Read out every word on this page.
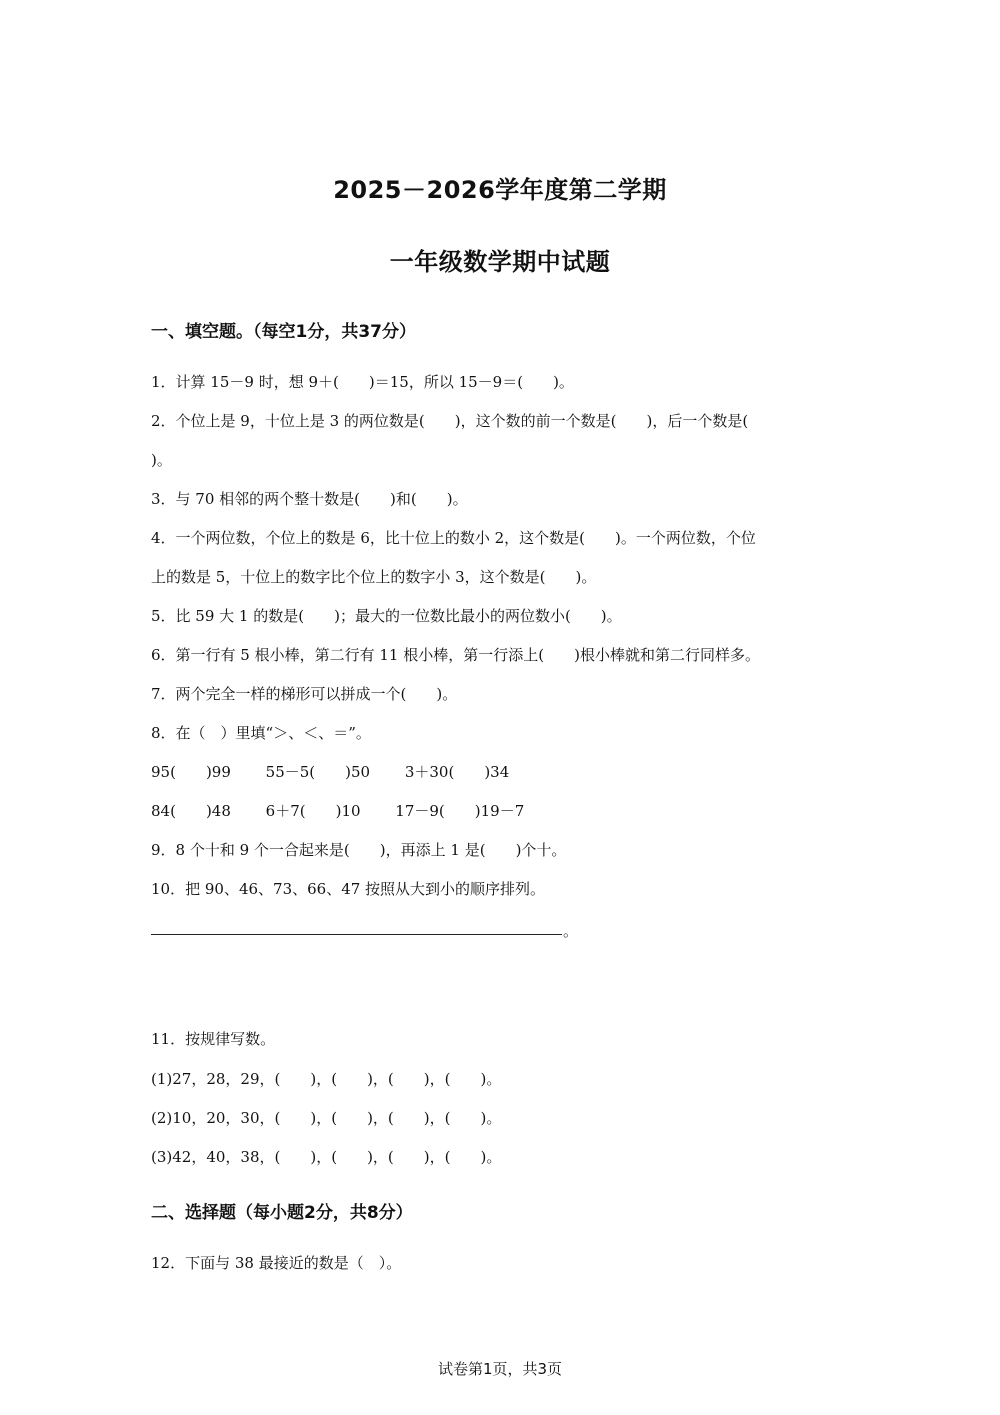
2025－2026学年度第二学期
一年级数学期中试题
一、填空题。（每空1分，共37分）
1．计算 15－9 时，想 9＋(　　)＝15，所以 15－9＝(　　)。
2．个位上是 9，十位上是 3 的两位数是(　　)，这个数的前一个数是(　　)，后一个数是(
)。
3．与 70 相邻的两个整十数是(　　)和(　　)。
4．一个两位数，个位上的数是 6，比十位上的数小 2，这个数是(　　)。一个两位数，个位
上的数是 5，十位上的数字比个位上的数字小 3，这个数是(　　)。
5．比 59 大 1 的数是(　　)；最大的一位数比最小的两位数小(　　)。
6．第一行有 5 根小棒，第二行有 11 根小棒，第一行添上(　　)根小棒就和第二行同样多。
7．两个完全一样的梯形可以拼成一个(　　)。
8．在（　）里填“＞、＜、＝”。
95(　　)99　　 55－5(　　)50　　 3＋30(　　)34
84(　　)48　　 6＋7(　　)10　　 17－9(　　)19－7
9．8 个十和 9 个一合起来是(　　)，再添上 1 是(　　)个十。
10．把 90、46、73、66、47 按照从大到小的顺序排列。
。
11．按规律写数。
(1)27，28，29，(　　)，(　　)，(　　)，(　　)。
(2)10，20，30，(　　)，(　　)，(　　)，(　　)。
(3)42，40，38，(　　)，(　　)，(　　)，(　　)。
二、选择题（每小题2分，共8分）
12．下面与 38 最接近的数是（　）。
试卷第1页，共3页
